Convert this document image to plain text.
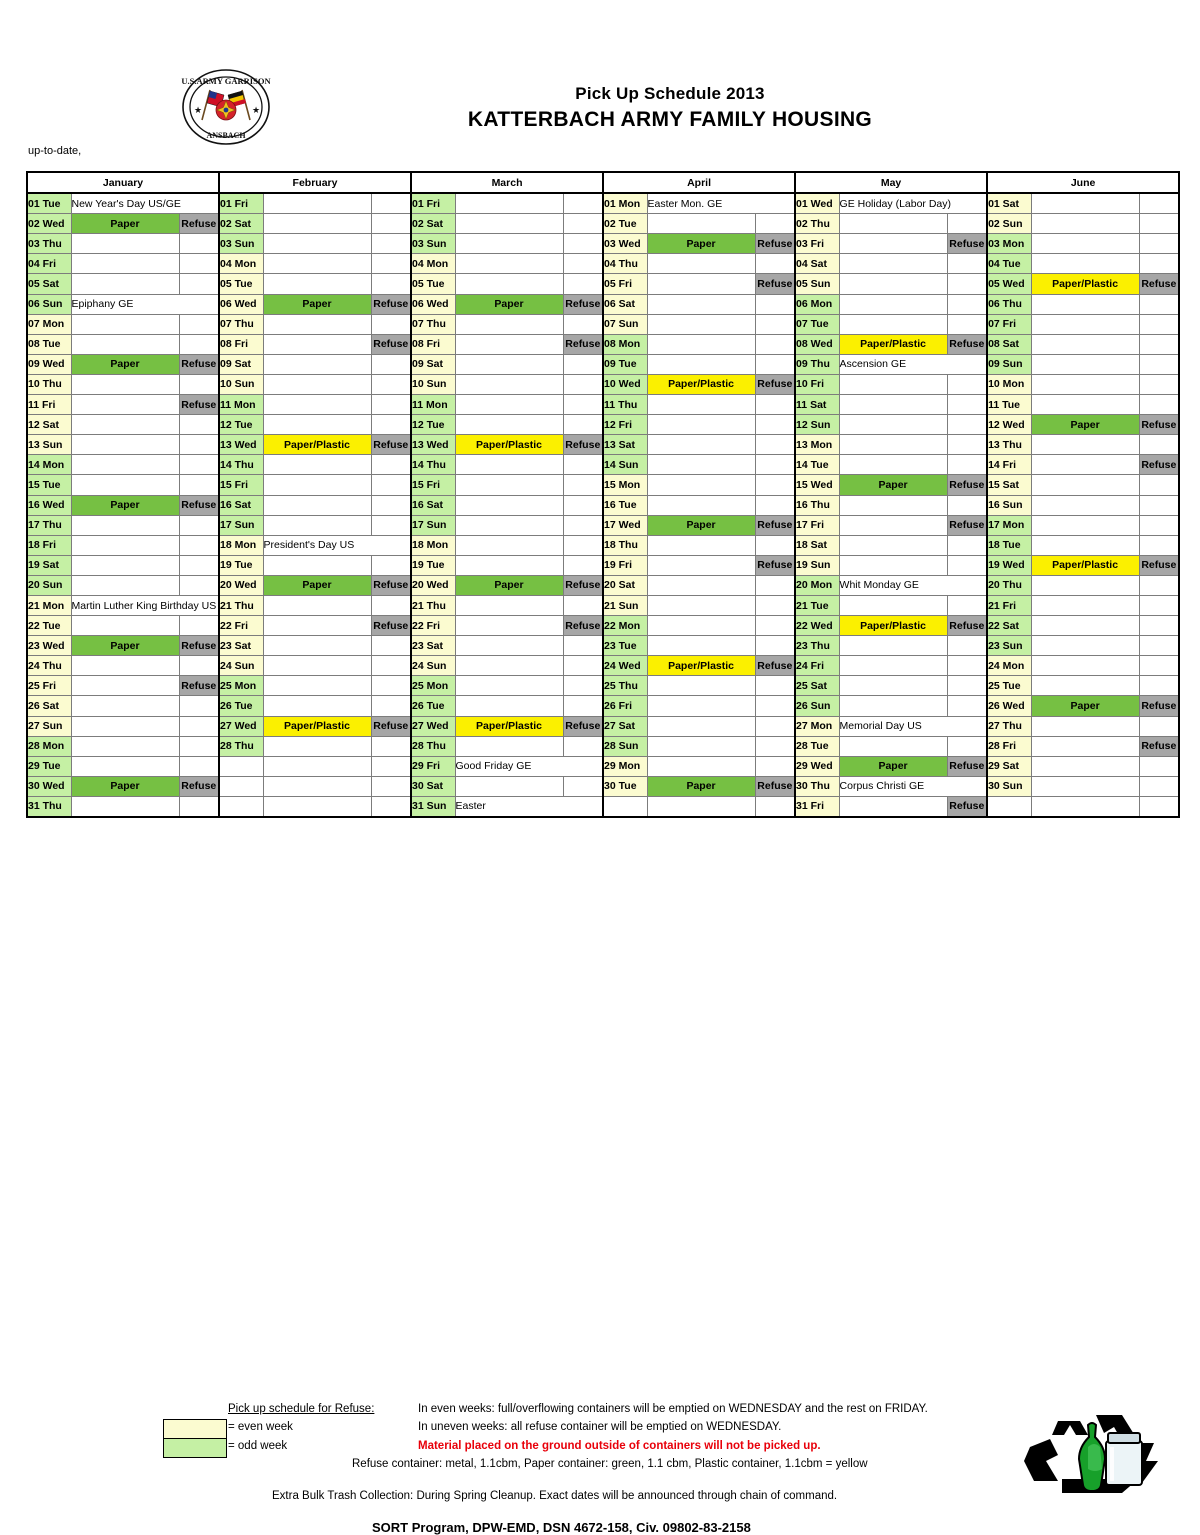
U.S.ARMY GARRISON
ANSBACH
★	★
Pick Up Schedule 2013
KATTERBACH ARMY FAMILY HOUSING
up-to-date,
January			February			March			April			May			June		
01 Tue	New Year's Day US/GE		01 Fri			01 Fri			01 Mon	Easter Mon. GE		01 Wed	GE Holiday (Labor Day)		01 Sat		
02 Wed	Paper	Refuse	02 Sat			02 Sat			02 Tue			02 Thu			02 Sun		
03 Thu			03 Sun			03 Sun			03 Wed	Paper	Refuse	03 Fri		Refuse	03 Mon		
04 Fri			04 Mon			04 Mon			04 Thu			04 Sat			04 Tue		
05 Sat			05 Tue			05 Tue			05 Fri		Refuse	05 Sun			05 Wed	Paper/Plastic	Refuse
06 Sun	Epiphany GE		06 Wed	Paper	Refuse	06 Wed	Paper	Refuse	06 Sat			06 Mon			06 Thu		
07 Mon			07 Thu			07 Thu			07 Sun			07 Tue			07 Fri		
08 Tue			08 Fri		Refuse	08 Fri		Refuse	08 Mon			08 Wed	Paper/Plastic	Refuse	08 Sat		
09 Wed	Paper	Refuse	09 Sat			09 Sat			09 Tue			09 Thu	Ascension GE		09 Sun		
10 Thu			10 Sun			10 Sun			10 Wed	Paper/Plastic	Refuse	10 Fri			10 Mon		
11 Fri		Refuse	11 Mon			11 Mon			11 Thu			11 Sat			11 Tue		
12 Sat			12 Tue			12 Tue			12 Fri			12 Sun			12 Wed	Paper	Refuse
13 Sun			13 Wed	Paper/Plastic	Refuse	13 Wed	Paper/Plastic	Refuse	13 Sat			13 Mon			13 Thu		
14 Mon			14 Thu			14 Thu			14 Sun			14 Tue			14 Fri		Refuse
15 Tue			15 Fri			15 Fri			15 Mon			15 Wed	Paper	Refuse	15 Sat		
16 Wed	Paper	Refuse	16 Sat			16 Sat			16 Tue			16 Thu			16 Sun		
17 Thu			17 Sun			17 Sun			17 Wed	Paper	Refuse	17 Fri		Refuse	17 Mon		
18 Fri			18 Mon	President's Day US		18 Mon			18 Thu			18 Sat			18 Tue		
19 Sat			19 Tue			19 Tue			19 Fri		Refuse	19 Sun			19 Wed	Paper/Plastic	Refuse
20 Sun			20 Wed	Paper	Refuse	20 Wed	Paper	Refuse	20 Sat			20 Mon	Whit Monday GE		20 Thu		
21 Mon	Martin Luther King Birthday US		21 Thu			21 Thu			21 Sun			21 Tue			21 Fri		
22 Tue			22 Fri		Refuse	22 Fri		Refuse	22 Mon			22 Wed	Paper/Plastic	Refuse	22 Sat		
23 Wed	Paper	Refuse	23 Sat			23 Sat			23 Tue			23 Thu			23 Sun		
24 Thu			24 Sun			24 Sun			24 Wed	Paper/Plastic	Refuse	24 Fri			24 Mon		
25 Fri		Refuse	25 Mon			25 Mon			25 Thu			25 Sat			25 Tue		
26 Sat			26 Tue			26 Tue			26 Fri			26 Sun			26 Wed	Paper	Refuse
27 Sun			27 Wed	Paper/Plastic	Refuse	27 Wed	Paper/Plastic	Refuse	27 Sat			27 Mon	Memorial Day US		27 Thu		
28 Mon			28 Thu			28 Thu			28 Sun			28 Tue			28 Fri		Refuse
29 Tue						29 Fri	Good Friday GE		29 Mon			29 Wed	Paper	Refuse	29 Sat		
30 Wed	Paper	Refuse				30 Sat			30 Tue	Paper	Refuse	30 Thu	Corpus Christi GE		30 Sun		
31 Thu						31 Sun	Easter					31 Fri		Refuse			
Pick up schedule for Refuse:
= even week
= odd week
In even weeks: full/overflowing containers will be emptied on WEDNESDAY and the rest on FRIDAY.
In uneven weeks: all refuse container will be emptied on WEDNESDAY.
Material placed on the ground outside of containers will not be picked up.
Refuse container: metal, 1.1cbm, Paper container: green, 1.1 cbm, Plastic container, 1.1cbm = yellow
Extra Bulk Trash Collection: During Spring Cleanup. Exact dates will be announced through chain of command.
SORT Program, DPW-EMD, DSN 4672-158, Civ. 09802-83-2158
